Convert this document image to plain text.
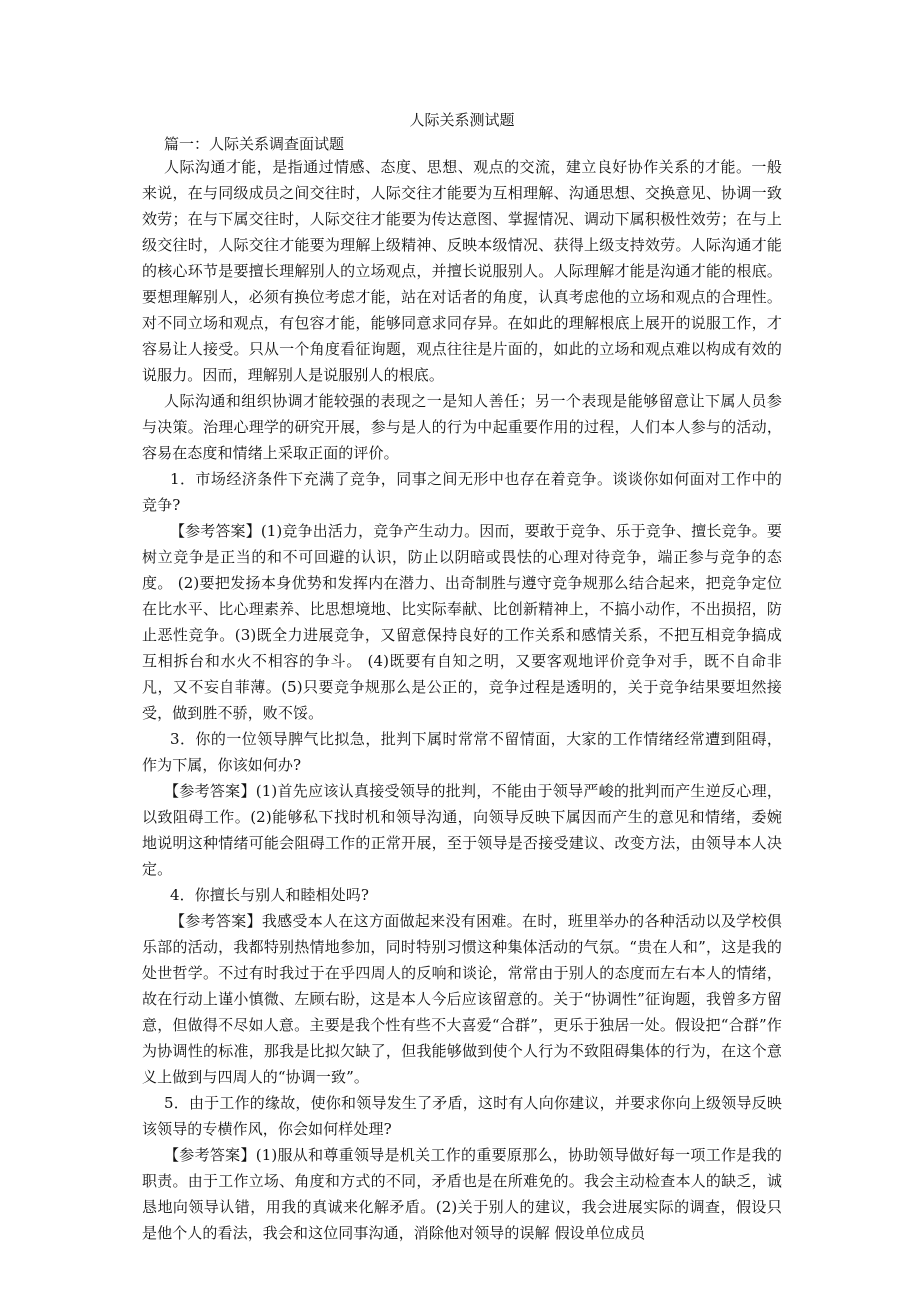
人际关系测试题
篇一：人际关系调查面试题

人际沟通才能，是指通过情感、态度、思想、观点的交流，建立良好协作关系的才能。一般来说，在与同级成员之间交往时，人际交往才能要为互相理解、沟通思想、交换意见、协调一致效劳；在与下属交往时，人际交往才能要为传达意图、掌握情况、调动下属积极性效劳；在与上级交往时，人际交往才能要为理解上级精神、反映本级情况、获得上级支持效劳。人际沟通才能的核心环节是要擅长理解别人的立场观点，并擅长说服别人。人际理解才能是沟通才能的根底。要想理解别人，必须有换位考虑才能，站在对话者的角度，认真考虑他的立场和观点的合理性。对不同立场和观点，有包容才能，能够同意求同存异。在如此的理解根底上展开的说服工作，才容易让人接受。只从一个角度看征询题，观点往往是片面的，如此的立场和观点难以构成有效的说服力。因而，理解别人是说服别人的根底。

人际沟通和组织协调才能较强的表现之一是知人善任；另一个表现是能够留意让下属人员参与决策。治理心理学的研究开展，参与是人的行为中起重要作用的过程，人们本人参与的活动，容易在态度和情绪上采取正面的评价。

1．市场经济条件下充满了竞争，同事之间无形中也存在着竞争。谈谈你如何面对工作中的竞争?

【参考答案】(1)竞争出活力，竞争产生动力。因而，要敢于竞争、乐于竞争、擅长竞争。要树立竞争是正当的和不可回避的认识，防止以阴暗或畏怯的心理对待竞争，端正参与竞争的态度。 (2)要把发扬本身优势和发挥内在潜力、出奇制胜与遵守竞争规那么结合起来，把竞争定位在比水平、比心理素养、比思想境地、比实际奉献、比创新精神上，不搞小动作，不出损招，防止恶性竞争。(3)既全力进展竞争，又留意保持良好的工作关系和感情关系，不把互相竞争搞成互相拆台和水火不相容的争斗。 (4)既要有自知之明，又要客观地评价竞争对手，既不自命非凡，又不妄自菲薄。(5)只要竞争规那么是公正的，竞争过程是透明的，关于竞争结果要坦然接受，做到胜不骄，败不馁。

3．你的一位领导脾气比拟急，批判下属时常常不留情面，大家的工作情绪经常遭到阻碍，作为下属，你该如何办?

【参考答案】(1)首先应该认真接受领导的批判，不能由于领导严峻的批判而产生逆反心理，以致阻碍工作。(2)能够私下找时机和领导沟通，向领导反映下属因而产生的意见和情绪，委婉地说明这种情绪可能会阻碍工作的正常开展，至于领导是否接受建议、改变方法，由领导本人决定。

4．你擅长与别人和睦相处吗?

【参考答案】我感受本人在这方面做起来没有困难。在时，班里举办的各种活动以及学校俱乐部的活动，我都特别热情地参加，同时特别习惯这种集体活动的气氛。“贵在人和”，这是我的处世哲学。不过有时我过于在乎四周人的反响和谈论，常常由于别人的态度而左右本人的情绪，故在行动上谨小慎微、左顾右盼，这是本人今后应该留意的。关于“协调性”征询题，我曾多方留意，但做得不尽如人意。主要是我个性有些不大喜爱“合群”，更乐于独居一处。假设把“合群”作为协调性的标准，那我是比拟欠缺了，但我能够做到使个人行为不致阻碍集体的行为，在这个意义上做到与四周人的“协调一致”。

5．由于工作的缘故，使你和领导发生了矛盾，这时有人向你建议，并要求你向上级领导反映该领导的专横作风，你会如何样处理?

【参考答案】(1)服从和尊重领导是机关工作的重要原那么，协助领导做好每一项工作是我的职责。由于工作立场、角度和方式的不同，矛盾也是在所难免的。我会主动检查本人的缺乏，诚恳地向领导认错，用我的真诚来化解矛盾。(2)关于别人的建议，我会进展实际的调查，假设只是他个人的看法，我会和这位同事沟通，消除他对领导的误解 假设单位成员
